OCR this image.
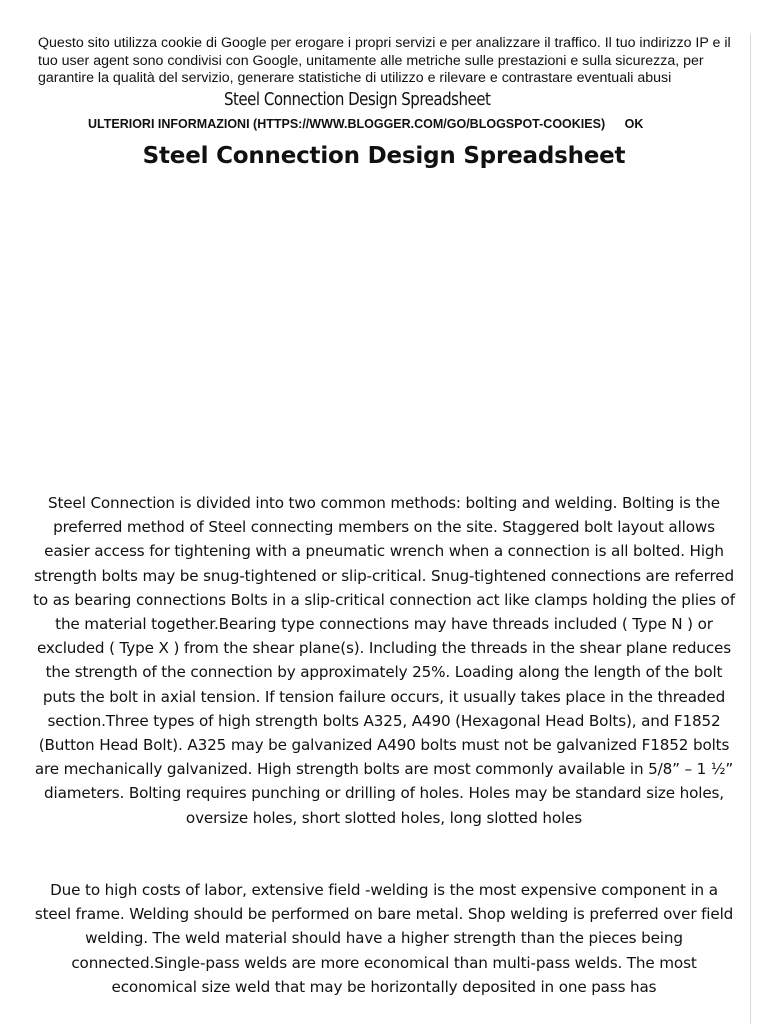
Questo sito utilizza cookie di Google per erogare i propri servizi e per analizzare il traffico. Il tuo indirizzo IP e il tuo user agent sono condivisi con Google, unitamente alle metriche sulle prestazioni e sulla sicurezza, per garantire la qualità del servizio, generare statistiche di utilizzo e rilevare e contrastare eventuali abusi
Steel Connection Design Spreadsheet
ULTERIORI INFORMAZIONI (HTTPS://WWW.BLOGGER.COM/GO/BLOGSPOT-COOKIES) OK
Steel Connection Design Spreadsheet

Steel Connection is divided into two common methods: bolting and welding. Bolting is the preferred method of Steel connecting members on the site. Staggered bolt layout allows easier access for tightening with a pneumatic wrench when a connection is all bolted. High strength bolts may be snug-tightened or slip-critical. Snug-tightened connections are referred to as bearing connections Bolts in a slip-critical connection act like clamps holding the plies of the material together.Bearing type connections may have threads included ( Type N ) or excluded ( Type X ) from the shear plane(s). Including the threads in the shear plane reduces the strength of the connection by approximately 25%. Loading along the length of the bolt puts the bolt in axial tension. If tension failure occurs, it usually takes place in the threaded section.Three types of high strength bolts A325, A490 (Hexagonal Head Bolts), and F1852 (Button Head Bolt). A325 may be galvanized A490 bolts must not be galvanized F1852 bolts are mechanically galvanized. High strength bolts are most commonly available in 5/8” – 1 ½” diameters. Bolting requires punching or drilling of holes. Holes may be standard size holes, oversize holes, short slotted holes, long slotted holes

Due to high costs of labor, extensive field -welding is the most expensive component in a steel frame. Welding should be performed on bare metal. Shop welding is preferred over field welding. The weld material should have a higher strength than the pieces being connected.Single-pass welds are more economical than multi-pass welds. The most economical size weld that may be horizontally deposited in one pass has
